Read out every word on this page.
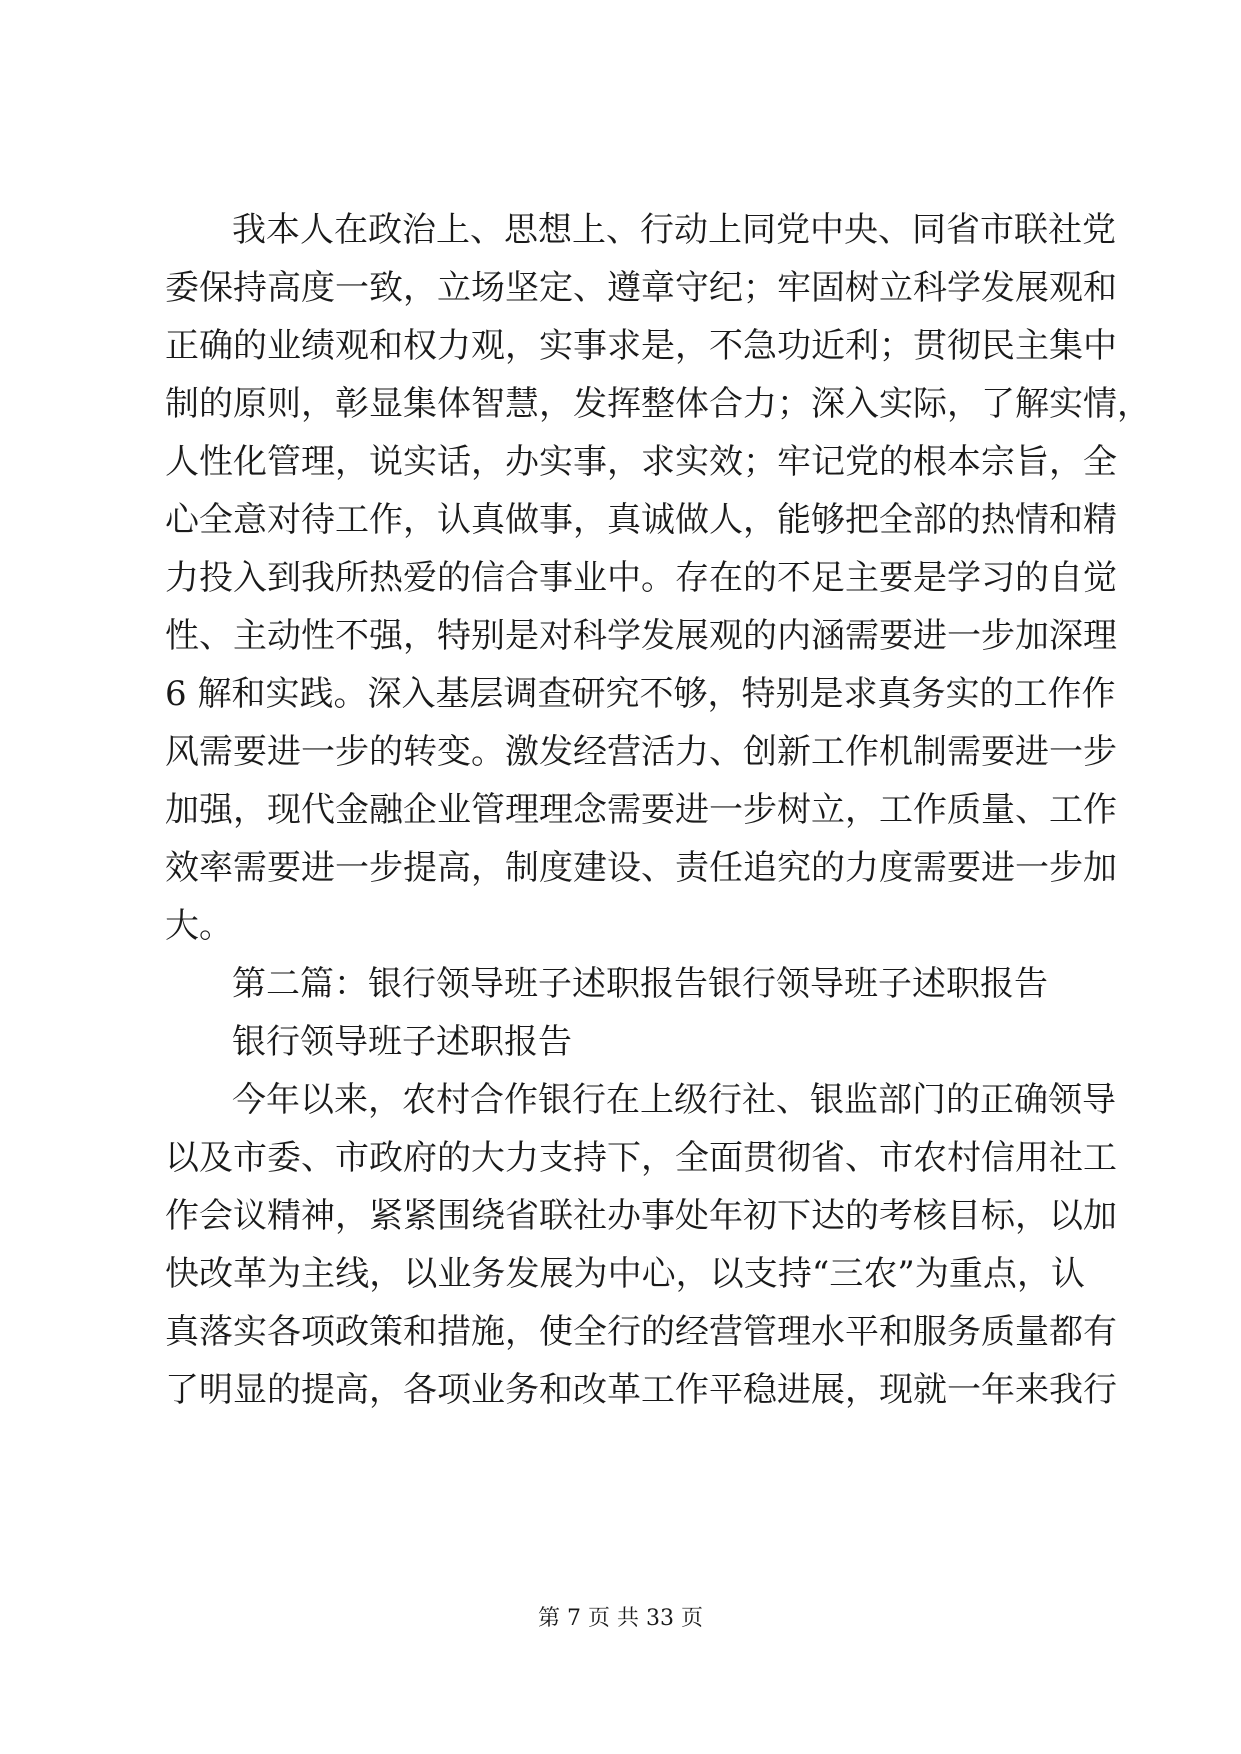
我本人在政治上、思想上、行动上同党中央、同省市联社党
委保持高度一致，立场坚定、遵章守纪；牢固树立科学发展观和
正确的业绩观和权力观，实事求是，不急功近利；贯彻民主集中
制的原则，彰显集体智慧，发挥整体合力；深入实际，了解实情，
人性化管理，说实话，办实事，求实效；牢记党的根本宗旨，全
心全意对待工作，认真做事，真诚做人，能够把全部的热情和精
力投入到我所热爱的信合事业中。存在的不足主要是学习的自觉
性、主动性不强，特别是对科学发展观的内涵需要进一步加深理
6 解和实践。深入基层调查研究不够，特别是求真务实的工作作
风需要进一步的转变。激发经营活力、创新工作机制需要进一步
加强，现代金融企业管理理念需要进一步树立，工作质量、工作
效率需要进一步提高，制度建设、责任追究的力度需要进一步加
大。
第二篇：银行领导班子述职报告银行领导班子述职报告
银行领导班子述职报告
今年以来，农村合作银行在上级行社、银监部门的正确领导
以及市委、市政府的大力支持下，全面贯彻省、市农村信用社工
作会议精神，紧紧围绕省联社办事处年初下达的考核目标，以加
快改革为主线，以业务发展为中心，以支持“三农”为重点，认
真落实各项政策和措施，使全行的经营管理水平和服务质量都有
了明显的提高，各项业务和改革工作平稳进展，现就一年来我行
第 7 页 共 33 页
